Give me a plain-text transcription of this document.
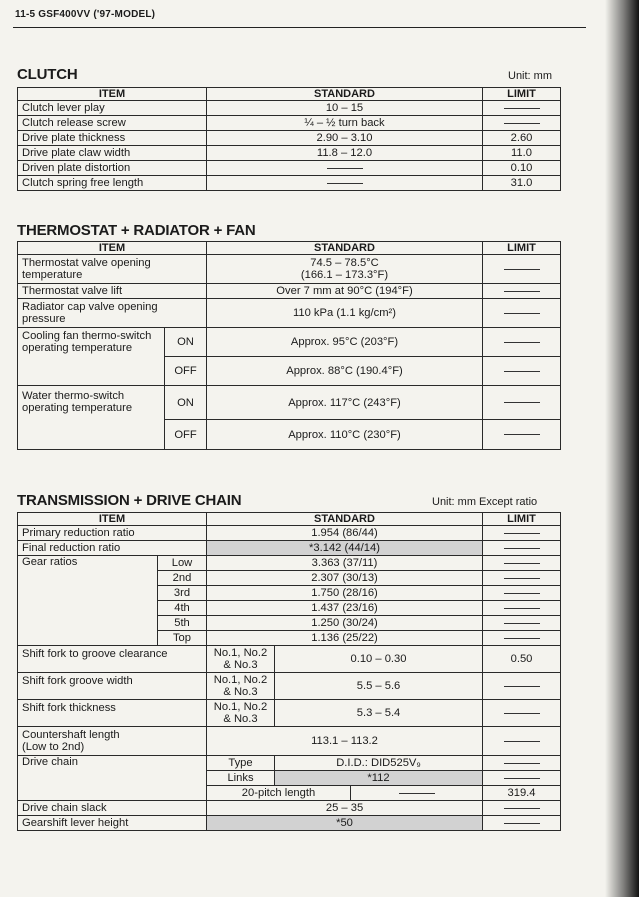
11-5 GSF400VV ('97-MODEL)
CLUTCH	Unit: mm
ITEM	STANDARD	LIMIT
Clutch lever play	10 – 15	
Clutch release screw	¼ – ½ turn back	
Drive plate thickness	2.90 – 3.10	2.60
Drive plate claw width	11.8 – 12.0	11.0
Driven plate distortion		0.10
Clutch spring free length		31.0
THERMOSTAT + RADIATOR + FAN
ITEM		STANDARD	LIMIT
Thermostat valve opening temperature		74.5 – 78.5°C
(166.1 – 173.3°F)	

Thermostat valve lift		Over 7 mm at 90°C (194°F)	
Radiator cap valve opening pressure		110 kPa (1.1 kg/cm²)	
Cooling fan thermo-switch operating temperature	ON	Approx. 95°C (203°F)	
	OFF	Approx. 88°C (190.4°F)	
Water thermo-switch operating temperature	ON	Approx. 117°C (243°F)	
	OFF	Approx. 110°C (230°F)	
TRANSMISSION + DRIVE CHAIN	Unit: mm Except ratio
ITEM		STANDARD			LIMIT
Primary reduction ratio		1.954 (86/44)			
Final reduction ratio		*3.142 (44/14)			
Gear ratios	Low	3.363 (37/11)			
	2nd	2.307 (30/13)			
	3rd	1.750 (28/16)			
	4th	1.437 (23/16)			
	5th	1.250 (30/24)			
	Top	1.136 (25/22)			
Shift fork to groove clearance		No.1, No.2
& No.3	0.10 – 0.30		0.50
Shift fork groove width		No.1, No.2
& No.3	5.5 – 5.6		
Shift fork thickness		No.1, No.2
& No.3	5.3 – 5.4		

Countershaft length
(Low to 2nd)		113.1 – 113.2			
Drive chain		Type	D.I.D.: DID525V₉		
		Links	*112		
		20-pitch length			319.4
Drive chain slack		25 – 35			
Gearshift lever height		*50			
